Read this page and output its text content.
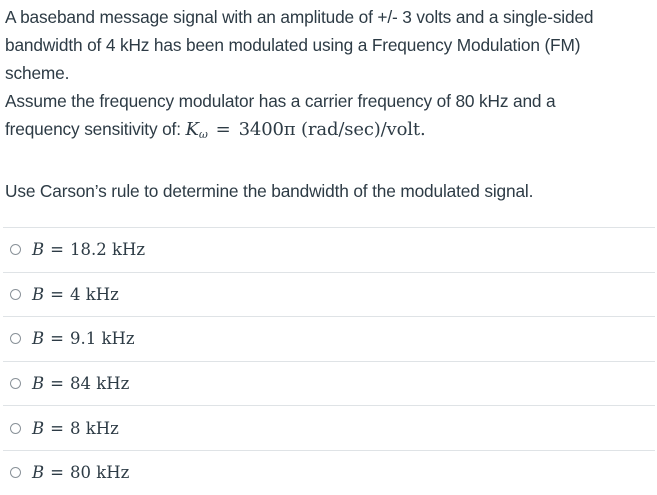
A baseband message signal with an amplitude of +/- 3 volts and a single-sided
bandwidth of 4 kHz has been modulated using a Frequency Modulation (FM)
scheme.
Assume the frequency modulator has a carrier frequency of 80 kHz and a
frequency sensitivity of: $K_\omega = 3400\pi$ (rad/sec)/volt.

Use Carson’s rule to determine the bandwidth of the modulated signal.

B = 18.2 kHz
B = 4 kHz
B = 9.1 kHz
B = 84 kHz
B = 8 kHz
B = 80 kHz
